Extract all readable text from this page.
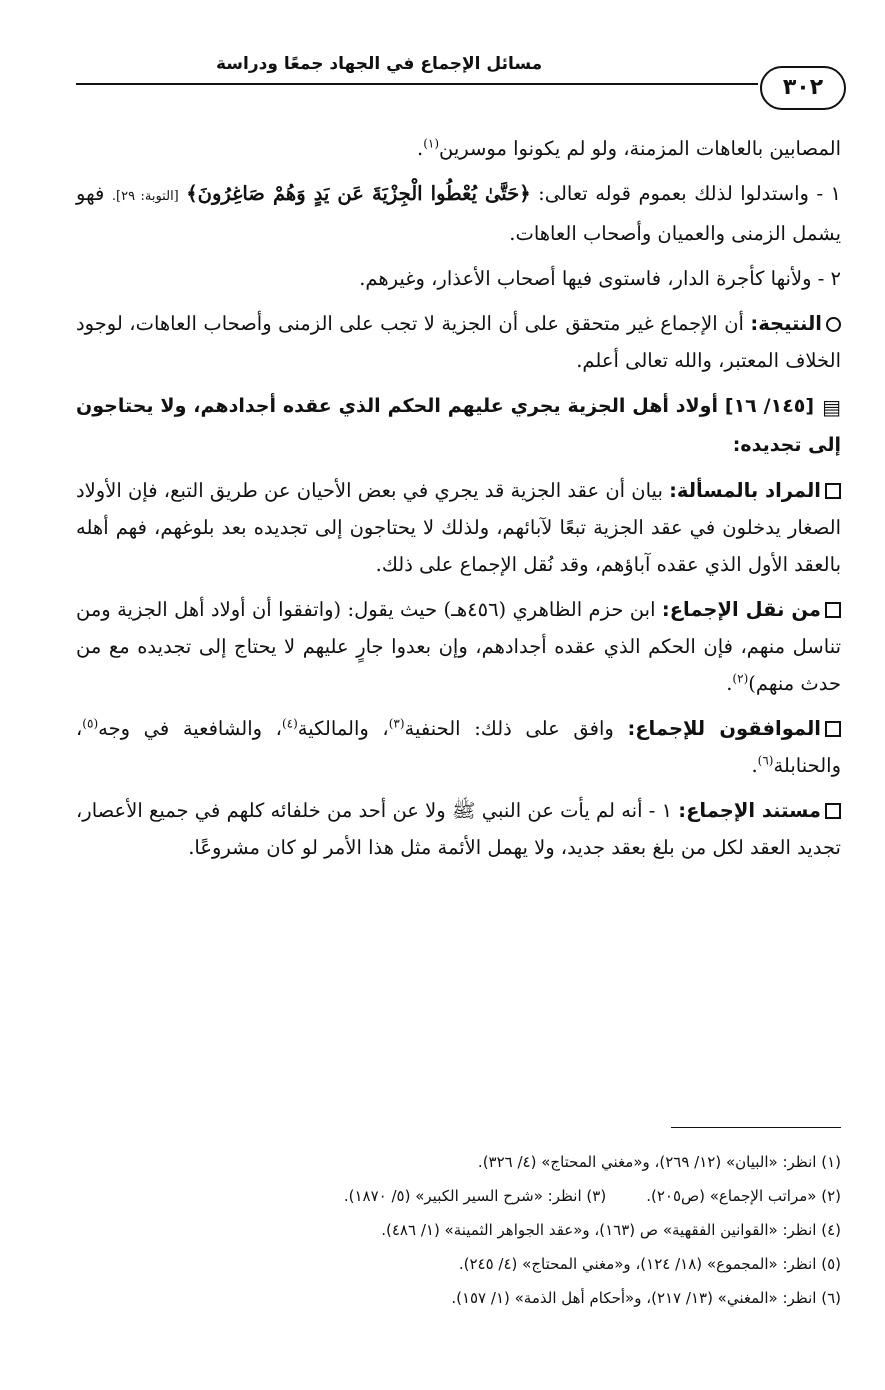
مسائل الإجماع في الجهاد جمعًا ودراسة
٣٠٢

المصابين بالعاهات المزمنة، ولو لم يكونوا موسرين$^{(١)}$.

١ - واستدلوا لذلك بعموم قوله تعالى: ﴿حَتَّىٰ يُعْطُوا الْجِزْيَةَ عَن يَدٍ وَهُمْ صَاغِرُونَ﴾ [التوبة: ٢٩]. فهو يشمل الزمنى والعميان وأصحاب العاهات.

٢ - ولأنها كأجرة الدار، فاستوى فيها أصحاب الأعذار، وغيرهم.

النتيجة: أن الإجماع غير متحقق على أن الجزية لا تجب على الزمنى وأصحاب العاهات، لوجود الخلاف المعتبر، والله تعالى أعلم.

▤[١٤٥/ ١٦] أولاد أهل الجزية يجري عليهم الحكم الذي عقده أجدادهم، ولا يحتاجون إلى تجديده:

المراد بالمسألة: بيان أن عقد الجزية قد يجري في بعض الأحيان عن طريق التبع، فإن الأولاد الصغار يدخلون في عقد الجزية تبعًا لآبائهم، ولذلك لا يحتاجون إلى تجديده بعد بلوغهم، فهم أهله بالعقد الأول الذي عقده آباؤهم، وقد نُقل الإجماع على ذلك.

من نقل الإجماع: ابن حزم الظاهري (٤٥٦هـ) حيث يقول: (واتفقوا أن أولاد أهل الجزية ومن تناسل منهم، فإن الحكم الذي عقده أجدادهم، وإن بعدوا جارٍ عليهم لا يحتاج إلى تجديده مع من حدث منهم)$^{(٢)}$.

الموافقون للإجماع: وافق على ذلك: الحنفية$^{(٣)}$، والمالكية$^{(٤)}$، والشافعية في وجه$^{(٥)}$، والحنابلة$^{(٦)}$.

مستند الإجماع: ١ - أنه لم يأت عن النبي ﷺ ولا عن أحد من خلفائه كلهم في جميع الأعصار، تجديد العقد لكل من بلغ بعقد جديد، ولا يهمل الأئمة مثل هذا الأمر لو كان مشروعًا.

(١) انظر: «البيان» (١٢/ ٢٦٩)، و«مغني المحتاج» (٤/ ٣٢٦).
(٢) «مراتب الإجماع» (ص٢٠٥).(٣) انظر: «شرح السير الكبير» (٥/ ١٨٧٠).
(٤) انظر: «القوانين الفقهية» ص (١٦٣)، و«عقد الجواهر الثمينة» (١/ ٤٨٦).
(٥) انظر: «المجموع» (١٨/ ١٢٤)، و«مغني المحتاج» (٤/ ٢٤٥).
(٦) انظر: «المغني» (١٣/ ٢١٧)، و«أحكام أهل الذمة» (١/ ١٥٧).
